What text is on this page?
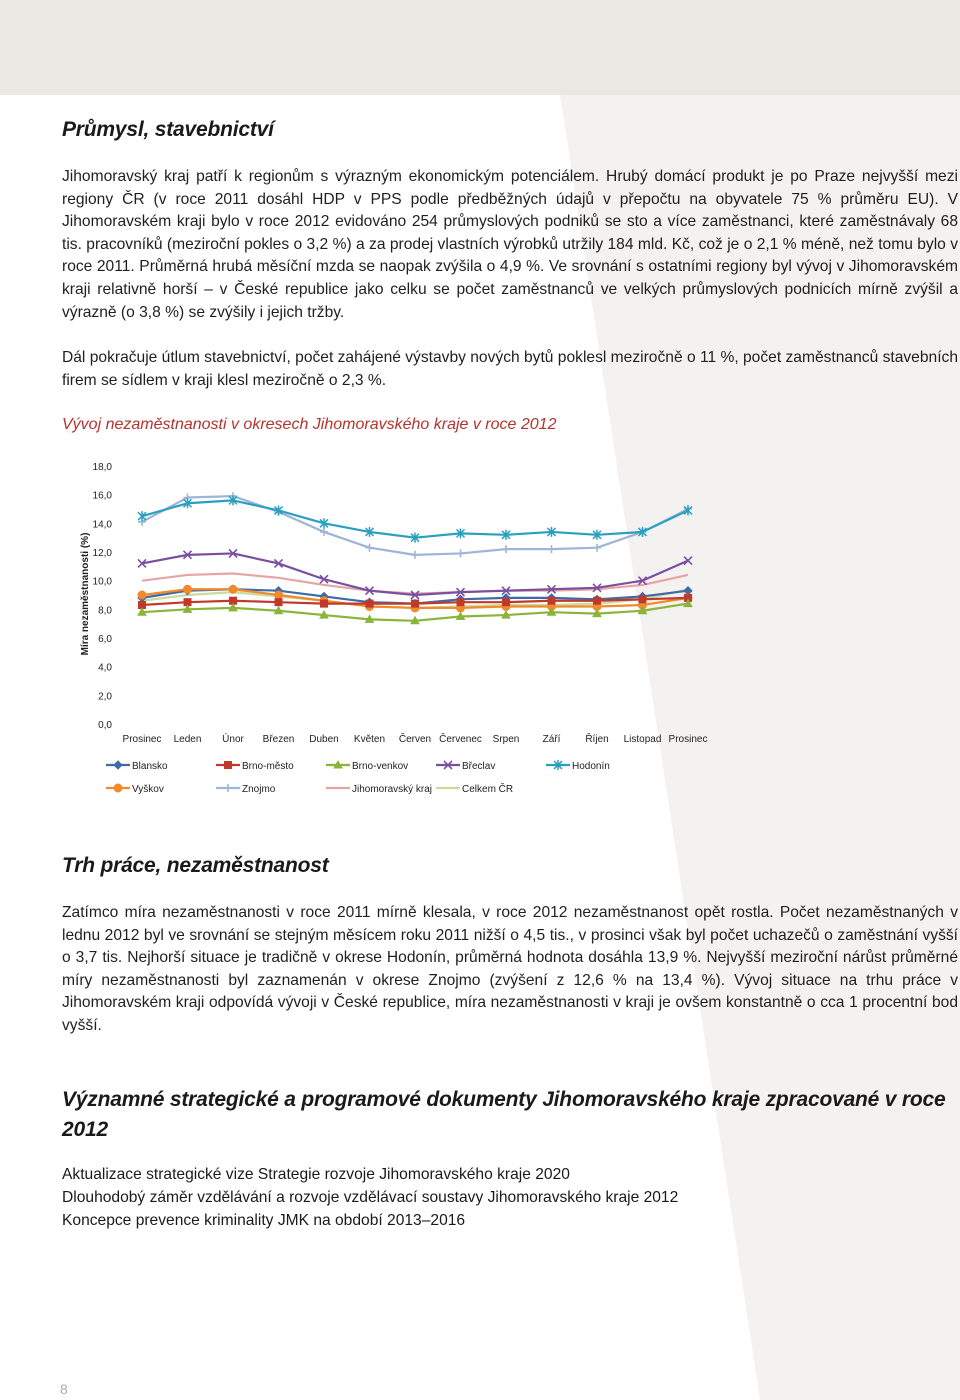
Průmysl, stavebnictví

Jihomoravský kraj patří k regionům s výrazným ekonomickým potenciálem. Hrubý domácí produkt je po Praze nejvyšší mezi regiony ČR (v roce 2011 dosáhl HDP v PPS podle předběžných údajů v přepočtu na obyvatele 75 % průměru EU). V Jihomoravském kraji bylo v roce 2012 evidováno 254 průmyslových podniků se sto a více zaměstnanci, které zaměstnávaly 68 tis. pracovníků (meziroční pokles o 3,2 %) a za prodej vlastních výrobků utržily 184 mld. Kč, což je o 2,1 % méně, než tomu bylo v roce 2011. Průměrná hrubá měsíční mzda se naopak zvýšila o 4,9 %. Ve srovnání s ostatními regiony byl vývoj v Jihomoravském kraji relativně horší – v České republice jako celku se počet zaměstnanců ve velkých průmyslových podnicích mírně zvýšil a výrazně (o 3,8 %) se zvýšily i jejich tržby.

Dál pokračuje útlum stavebnictví, počet zahájené výstavby nových bytů poklesl meziročně o 11 %, počet zaměstnanců stavebních firem se sídlem v kraji klesl meziročně o 2,3 %.

Vývoj nezaměstnanosti v okresech Jihomoravského kraje v roce 2012

Trh práce, nezaměstnanost

Zatímco míra nezaměstnanosti v roce 2011 mírně klesala, v roce 2012 nezaměstnanost opět rostla. Počet nezaměstnaných v lednu 2012 byl ve srovnání se stejným měsícem roku 2011 nižší o 4,5 tis., v prosinci však byl počet uchazečů o zaměstnání vyšší o 3,7 tis. Nejhorší situace je tradičně v okrese Hodonín, průměrná hodnota dosáhla 13,9 %. Nejvyšší meziroční nárůst průměrné míry nezaměstnanosti byl zaznamenán v okrese Znojmo (zvýšení z 12,6 % na 13,4 %). Vývoj situace na trhu práce v Jihomoravském kraji odpovídá vývoji v České republice, míra nezaměstnanosti v kraji je ovšem konstantně o cca 1 procentní bod vyšší.

Významné strategické a programové dokumenty Jihomoravského kraje zpracované v roce 2012
Aktualizace strategické vize Strategie rozvoje Jihomoravského kraje 2020
Dlouhodobý záměr vzdělávání a rozvoje vzdělávací soustavy Jihomoravského kraje 2012
Koncepce prevence kriminality JMK na období 2013–2016
0,0
2,0
4,0
6,0
8,0
10,0
12,0
14,0
16,0
18,0
Míra nezaměstnanosti (%)
Prosinec Leden Únor Březen Duben Květen Červen Červenec Srpen Září Říjen Listopad Prosinec
Blansko	Brno-město	Brno-venkov	Břeclav	Hodonín
Vyškov	Znojmo	Jihomoravský kraj	Celkem ČR
8
